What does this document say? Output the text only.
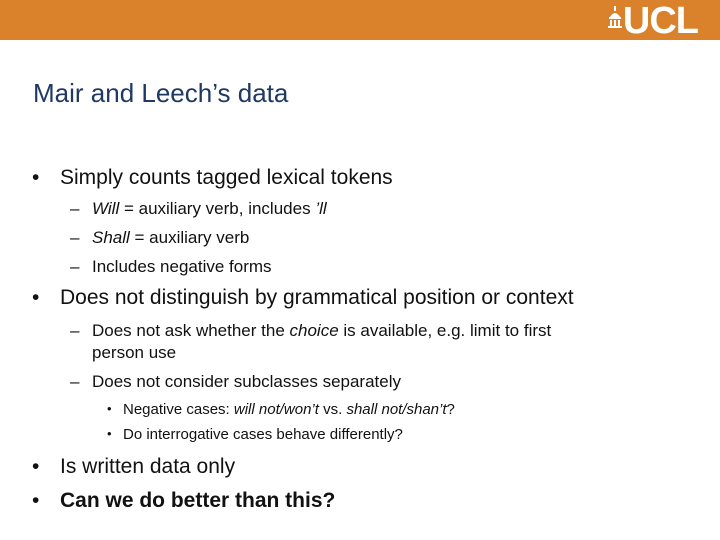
UCL
Mair and Leech’s data
• Simply counts tagged lexical tokens
– Will = auxiliary verb, includes ’ll
– Shall = auxiliary verb
– Includes negative forms
• Does not distinguish by grammatical position or context
– Does not ask whether the choice is available, e.g. limit to first
person use
– Does not consider subclasses separately
• Negative cases: will not/won’t vs. shall not/shan’t?
• Do interrogative cases behave differently?
• Is written data only
• Can we do better than this?
